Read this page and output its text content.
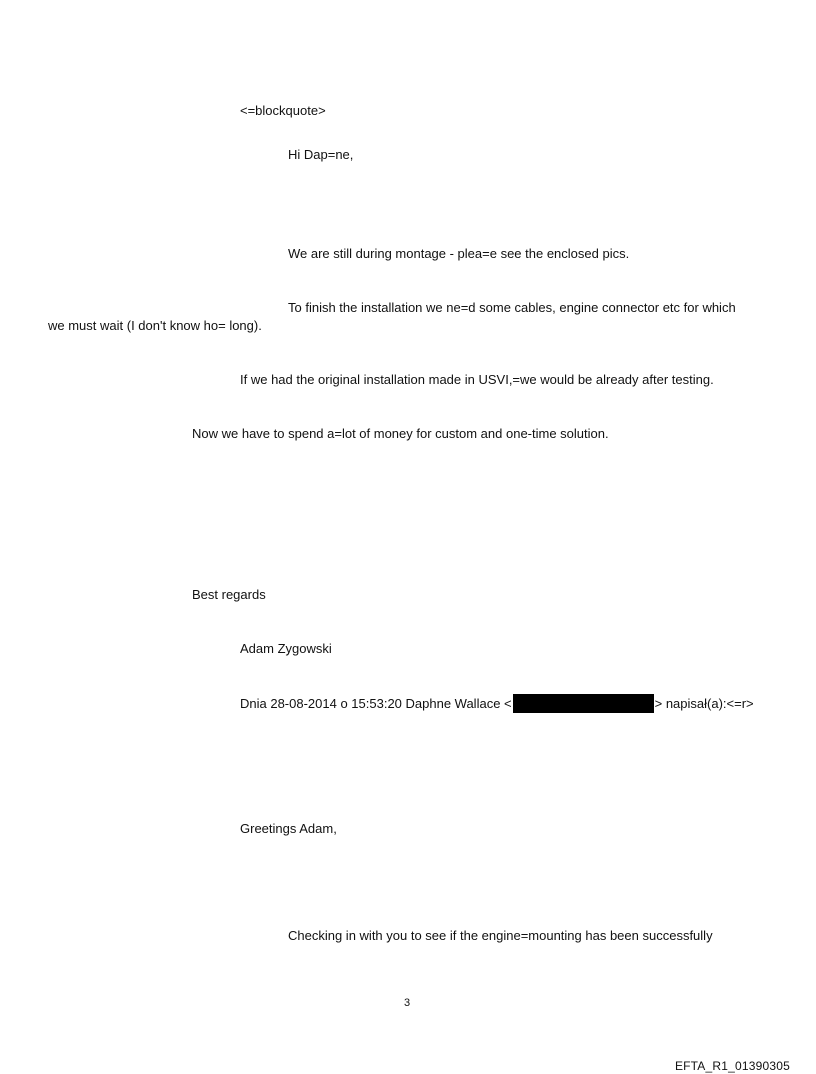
<=blockquote>
Hi Dap=ne,
We are still during montage - plea=e see the enclosed pics.
To finish the installation we ne=d some cables, engine connector etc for which
we must wait (I don't know ho= long).
If we had the original installation made in USVI,=we would be already after testing.
Now we have to spend a=lot of money for custom and one-time solution.
Best regards
Adam Zygowski
Dnia 28-08-2014 o 15:53:20 Daphne Wallace <	> napisał(a):<=r>
Greetings Adam,
Checking in with you to see if the engine=mounting has been successfully
3
EFTA_R1_01390305
